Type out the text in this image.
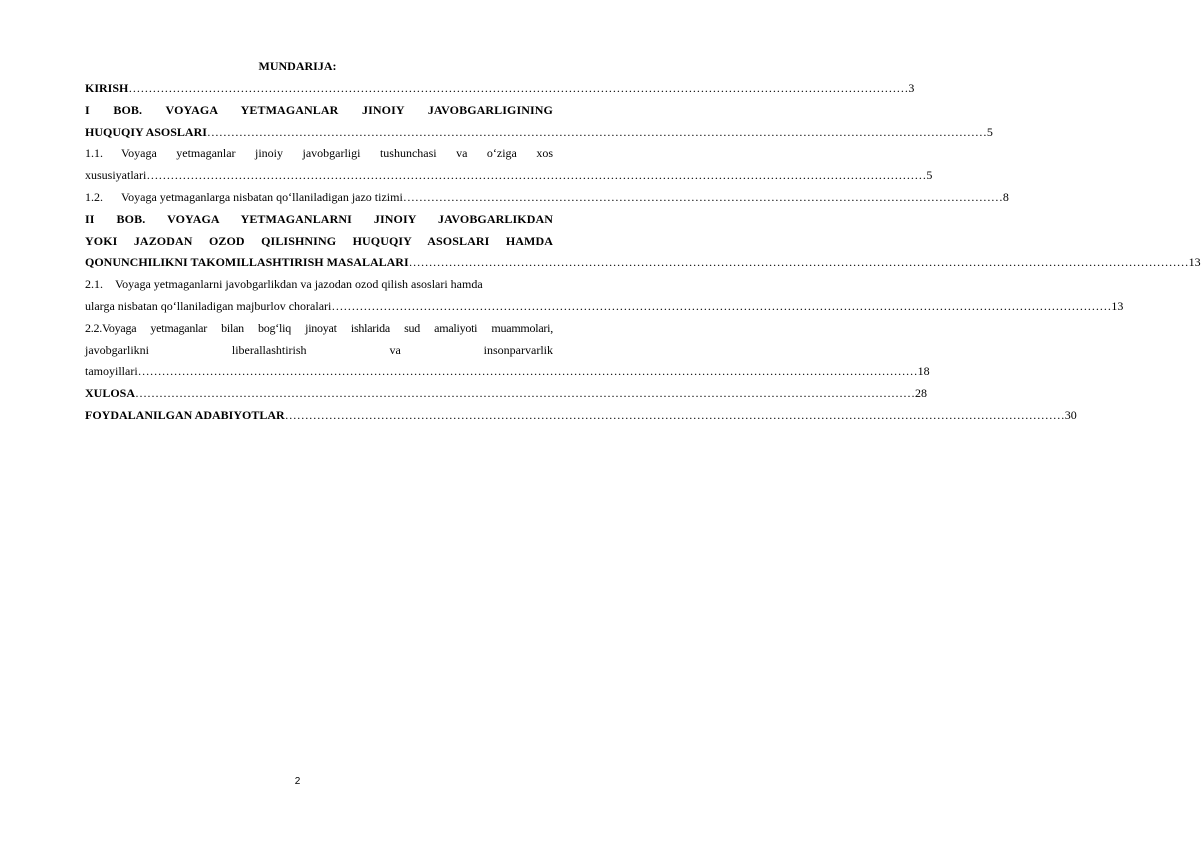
MUNDARIJA:
KIRISH ……………………………………………………………………………………………………………………………………………………………………………	3
I BOB. VOYAGA YETMAGANLAR JINOIY JAVOBGARLIGINING
HUQUQIY ASOSLARI ……………………………………………………………………………………………………………………………………………………………………………	5
1.1.	Voyaga yetmaganlar jinoiy javobgarligi tushunchasi va o‘ziga xos
xususiyatlari ……………………………………………………………………………………………………………………………………………………………………………	5
1.2.	Voyaga yetmaganlarga nisbatan qo‘llaniladigan jazo tizimi ……………………………………………………………………………………………………………………………………	8
II BOB. VOYAGA YETMAGANLARNI JINOIY JAVOBGARLIKDAN
YOKI JAZODAN OZOD QILISHNING HUQUQIY ASOSLARI HAMDA
QONUNCHILIKNI TAKOMILLASHTIRISH MASALALARI ……………………………………………………………………………………………………………………………………………………………………………	13
2.1.	Voyaga yetmaganlarni javobgarlikdan va jazodan ozod qilish asoslari hamda
ularga nisbatan qo‘llaniladigan majburlov choralari ……………………………………………………………………………………………………………………………………………………………………………	13
2.2.Voyaga yetmaganlar bilan bog‘liq jinoyat ishlarida sud amaliyoti muammolari,
javobgarlikni liberallashtirish va insonparvarlik
tamoyillari ……………………………………………………………………………………………………………………………………………………………………………	18
XULOSA ……………………………………………………………………………………………………………………………………………………………………………	28
FOYDALANILGAN ADABIYOTLAR ……………………………………………………………………………………………………………………………………………………………………………	30
2
